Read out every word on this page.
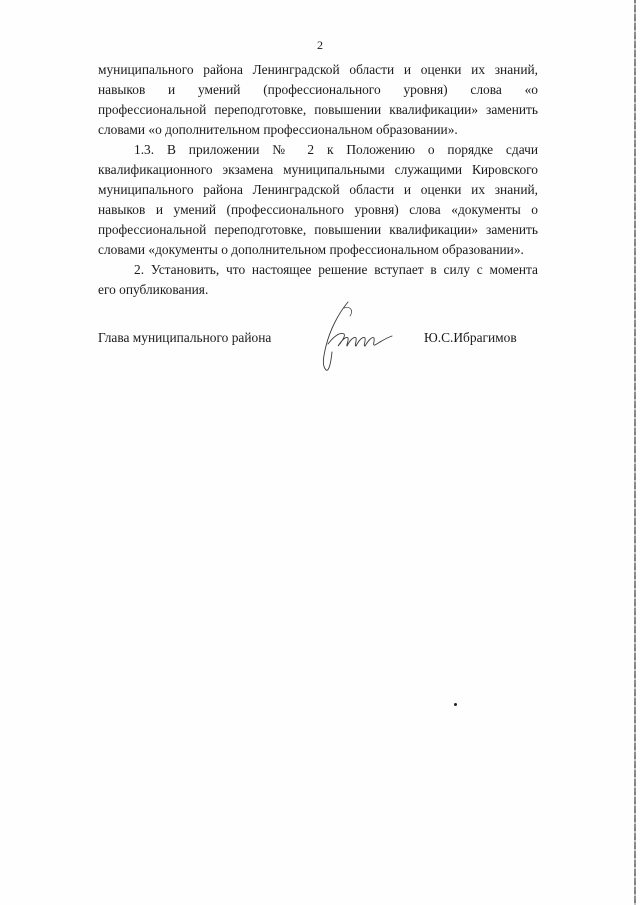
2

муниципального района Ленинградской области и оценки их знаний,

навыков и умений (профессионального уровня) слова «о

профессиональной переподготовке, повышении квалификации» заменить

словами «о дополнительном профессиональном образовании».

1.3. В приложении № 2 к Положению о порядке сдачи

квалификационного экзамена муниципальными служащими Кировского

муниципального района Ленинградской области и оценки их знаний,

навыков и умений (профессионального уровня) слова «документы о

профессиональной переподготовке, повышении квалификации» заменить

словами «документы о дополнительном профессиональном образовании».

2. Установить, что настоящее решение вступает в силу с момента

его опубликования.

Глава муниципального района	Ю.С.Ибрагимов
